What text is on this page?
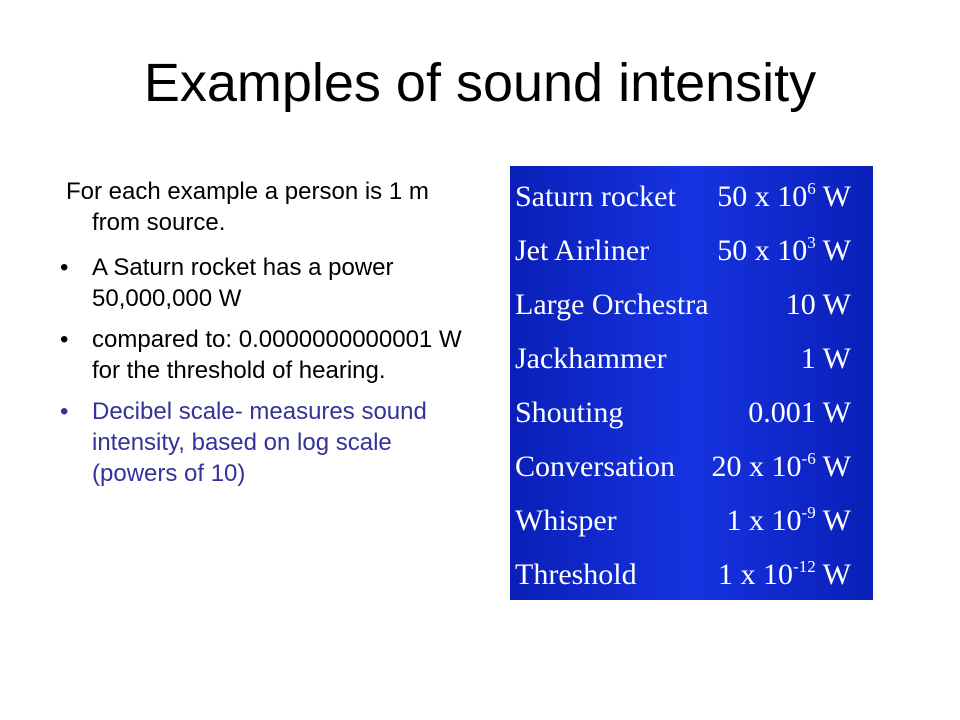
Examples of sound intensity

For each example a person is 1 m from source.

• A Saturn rocket has a power 50,000,000 W
• compared to: 0.0000000000001 W for the threshold of hearing.
• Decibel scale- measures sound intensity, based on log scale (powers of 10)
Saturn rocket 50 x $10^6$ W
Jet Airliner 50 x $10^3$ W
Large Orchestra	10 W
Jackhammer	1 W
Shouting	0.001 W
Conversation 20 x $10^{-6}$ W
Whisper	1 x $10^{-9}$ W
Threshold	1 x $10^{-12}$ W
